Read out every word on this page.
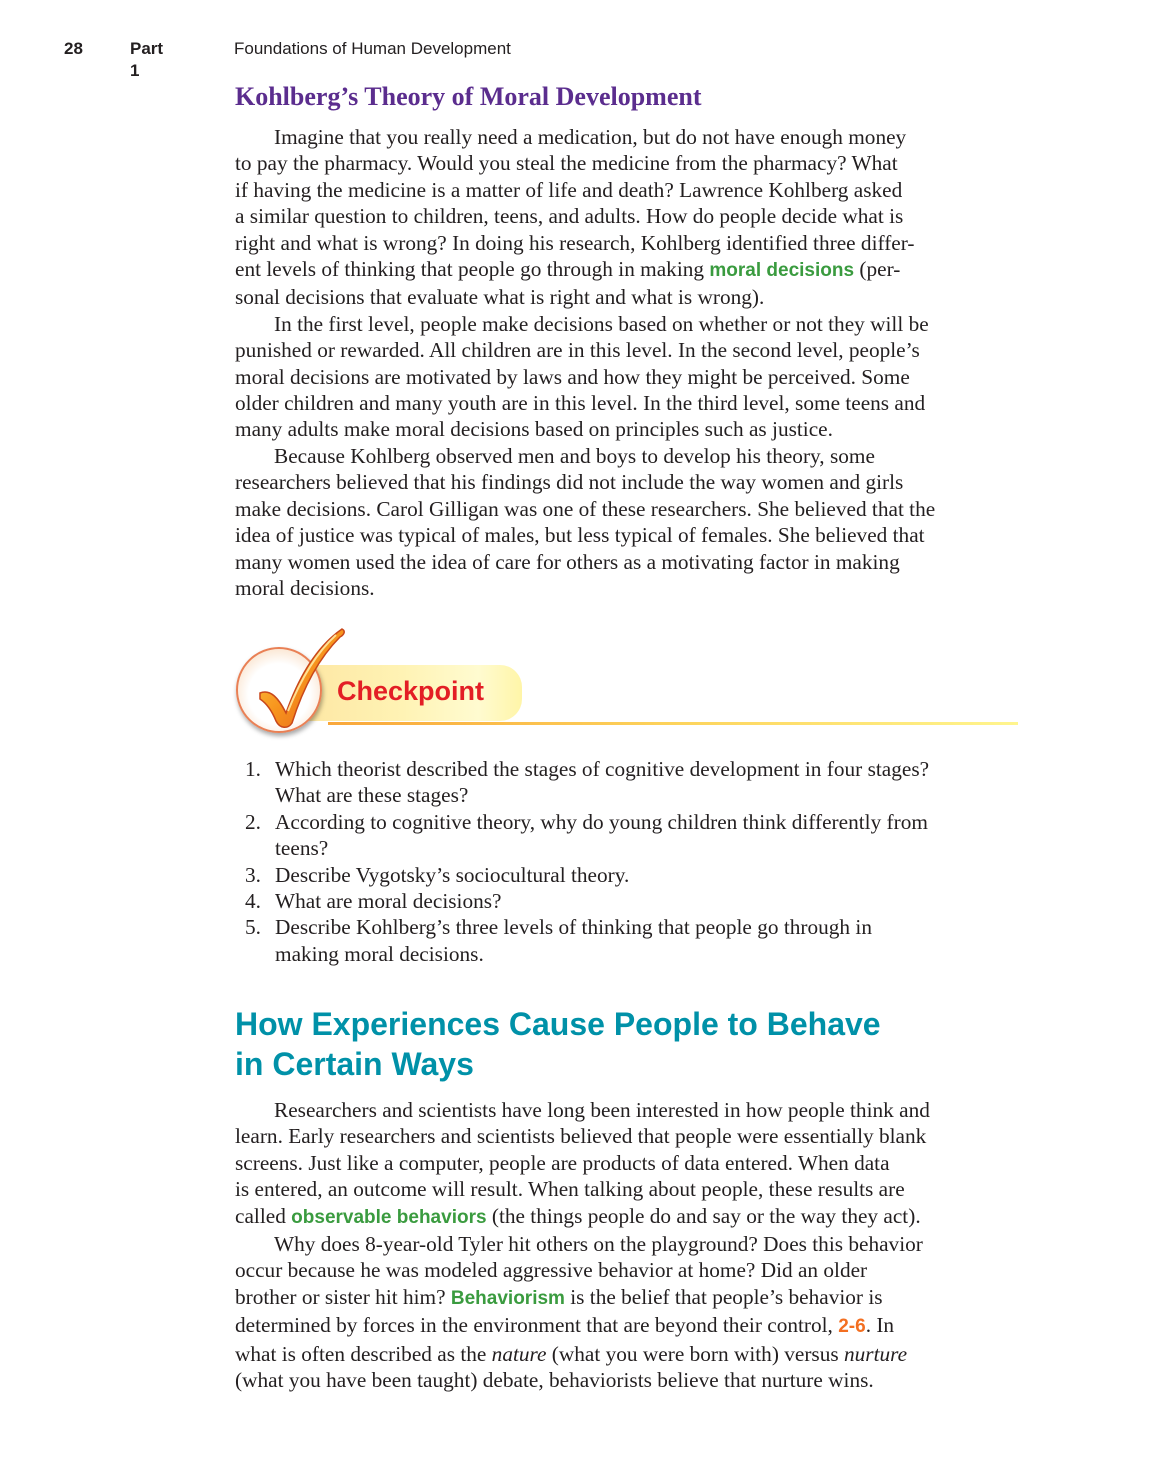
28	Part 1
Foundations of Human Development
Kohlberg’s Theory of Moral Development

Imagine that you really need a medication, but do not have enough money
to pay the pharmacy. Would you steal the medicine from the pharmacy? What
if having the medicine is a matter of life and death? Lawrence Kohlberg asked
a similar question to children, teens, and adults. How do people decide what is
right and what is wrong? In doing his research, Kohlberg identified three differ-
ent levels of thinking that people go through in making moral decisions (per-
sonal decisions that evaluate what is right and what is wrong).

In the first level, people make decisions based on whether or not they will be
punished or rewarded. All children are in this level. In the second level, people’s
moral decisions are motivated by laws and how they might be perceived. Some
older children and many youth are in this level. In the third level, some teens and
many adults make moral decisions based on principles such as justice.

Because Kohlberg observed men and boys to develop his theory, some
researchers believed that his findings did not include the way women and girls
make decisions. Carol Gilligan was one of these researchers. She believed that the
idea of justice was typical of males, but less typical of females. She believed that
many women used the idea of care for others as a motivating factor in making
moral decisions.

Checkpoint
1. Which theorist described the stages of cognitive development in four stages?
What are these stages?
2. According to cognitive theory, why do young children think differently from
teens?
3. Describe Vygotsky’s sociocultural theory.
4. What are moral decisions?
5. Describe Kohlberg’s three levels of thinking that people go through in
making moral decisions.
How Experiences Cause People to Behave
in Certain Ways

Researchers and scientists have long been interested in how people think and
learn. Early researchers and scientists believed that people were essentially blank
screens. Just like a computer, people are products of data entered. When data
is entered, an outcome will result. When talking about people, these results are
called observable behaviors (the things people do and say or the way they act).

Why does 8-year-old Tyler hit others on the playground? Does this behavior
occur because he was modeled aggressive behavior at home? Did an older
brother or sister hit him? Behaviorism is the belief that people’s behavior is
determined by forces in the environment that are beyond their control, 2-6. In
what is often described as the nature (what you were born with) versus nurture
(what you have been taught) debate, behaviorists believe that nurture wins.
